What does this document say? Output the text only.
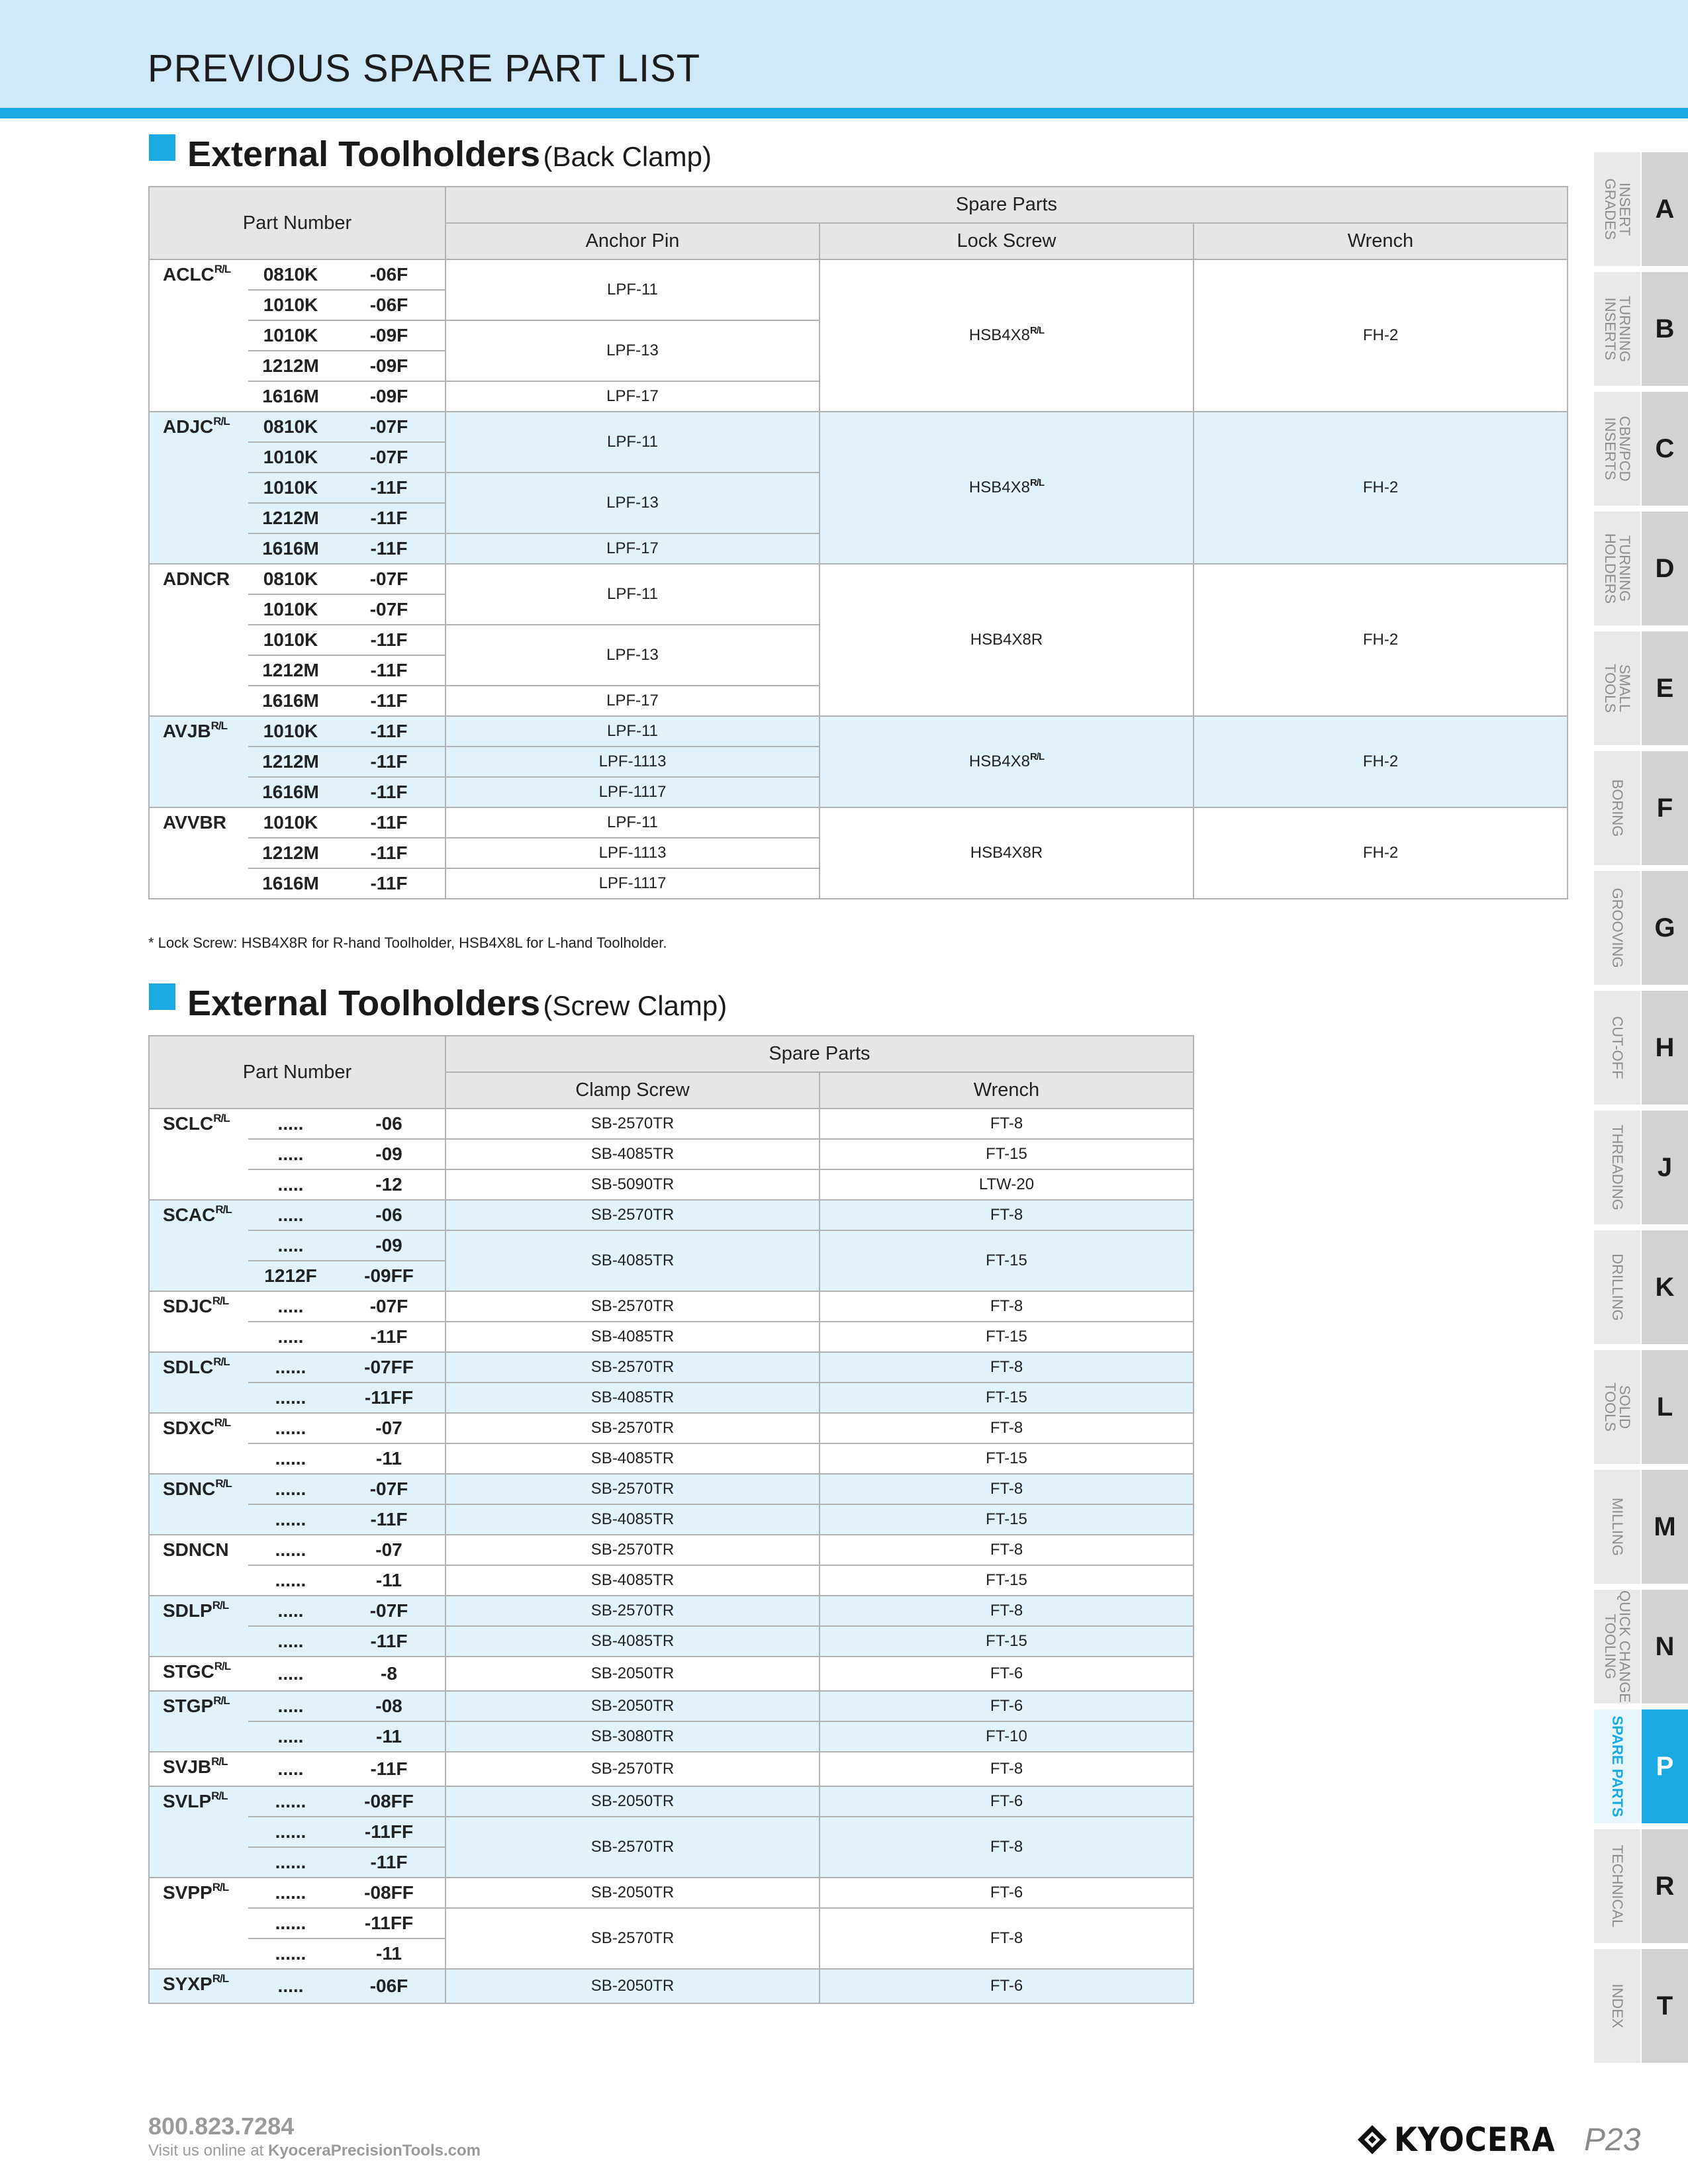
PREVIOUS SPARE PART LIST
External Toolholders (Back Clamp)
Part Number			Spare Parts		
			Anchor Pin	Lock Screw	Wrench
$ACLC^{R/L}$	0810K	-06F	LPF-11	$HSB4X8^{R/L}$	FH-2
	1010K	-06F			
	1010K	-09F	LPF-13		
	1212M	-09F			
	1616M	-09F	LPF-17		
$ADJC^{R/L}$	0810K	-07F	LPF-11	$HSB4X8^{R/L}$	FH-2
	1010K	-07F			
	1010K	-11F	LPF-13		
	1212M	-11F			
	1616M	-11F	LPF-17		
ADNCR	0810K	-07F	LPF-11	HSB4X8R	FH-2
	1010K	-07F			
	1010K	-11F	LPF-13		
	1212M	-11F			
	1616M	-11F	LPF-17		
$AVJB^{R/L}$	1010K	-11F	LPF-11	$HSB4X8^{R/L}$	FH-2
	1212M	-11F	LPF-1113		
	1616M	-11F	LPF-1117		
AVVBR	1010K	-11F	LPF-11	HSB4X8R	FH-2
	1212M	-11F	LPF-1113		
	1616M	-11F	LPF-1117		
* Lock Screw: HSB4X8R for R-hand Toolholder, HSB4X8L for L-hand Toolholder.
External Toolholders (Screw Clamp)
Part Number			Spare Parts	
			Clamp Screw	Wrench
$SCLC^{R/L}$	.....	-06	SB-2570TR	FT-8
	.....	-09	SB-4085TR	FT-15
	.....	-12	SB-5090TR	LTW-20
$SCAC^{R/L}$	.....	-06	SB-2570TR	FT-8
	.....	-09	SB-4085TR	FT-15
	1212F	-09FF		
$SDJC^{R/L}$	.....	-07F	SB-2570TR	FT-8
	.....	-11F	SB-4085TR	FT-15
$SDLC^{R/L}$	......	-07FF	SB-2570TR	FT-8
	......	-11FF	SB-4085TR	FT-15
$SDXC^{R/L}$	......	-07	SB-2570TR	FT-8
	......	-11	SB-4085TR	FT-15
$SDNC^{R/L}$	......	-07F	SB-2570TR	FT-8
	......	-11F	SB-4085TR	FT-15
SDNCN	......	-07	SB-2570TR	FT-8
	......	-11	SB-4085TR	FT-15
$SDLP^{R/L}$	.....	-07F	SB-2570TR	FT-8
	.....	-11F	SB-4085TR	FT-15
$STGC^{R/L}$	.....	-8	SB-2050TR	FT-6
$STGP^{R/L}$	.....	-08	SB-2050TR	FT-6
	.....	-11	SB-3080TR	FT-10
$SVJB^{R/L}$	.....	-11F	SB-2570TR	FT-8
$SVLP^{R/L}$	......	-08FF	SB-2050TR	FT-6
	......	-11FF	SB-2570TR	FT-8
	......	-11F		
$SVPP^{R/L}$	......	-08FF	SB-2050TR	FT-6
	......	-11FF	SB-2570TR	FT-8
	......	-11		
$SYXP^{R/L}$	.....	-06F	SB-2050TR	FT-6
INSERT
GRADES	A
TURNING
INSERTS	B
CBN/PCD
INSERTS	C
TURNING
HOLDERS	D
SMALL
TOOLS	E
BORING	F
GROOVING	G
CUT-OFF	H
THREADING	J
DRILLING	K
SOLID
TOOLS	L
MILLING	M
QUICK CHANGE
TOOLING	N
SPARE PARTS	P
TECHNICAL	R
INDEX	T
800.823.7284
Visit us online at KyoceraPrecisionTools.com	KYOCERA P23
